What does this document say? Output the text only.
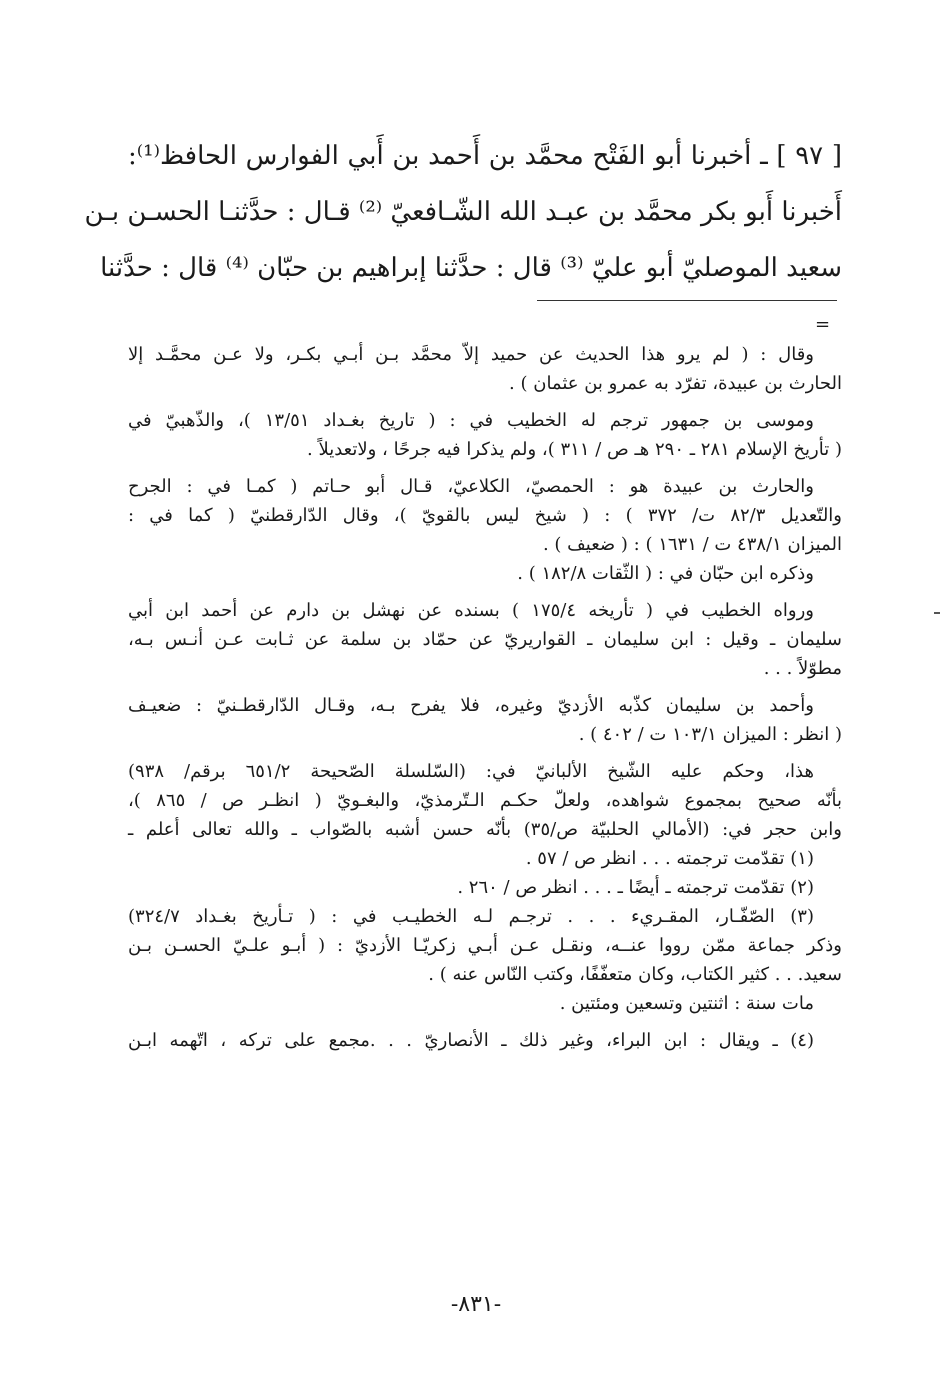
[ ٩٧ ] ـ أخبرنا أبو الفَتْح محمَّد بن أَحمد بن أَبي الفوارس الحافظ⁽¹⁾:
أَخبرنا أَبو بكر محمَّد بن عبـد الله الشّـافعيّ ⁽²⁾ قـال : حدَّثنـا الحسـن بـن
سعيد الموصليّ أبو عليّ ⁽³⁾ قال : حدَّثنا إبراهيم بن حبّان ⁽⁴⁾ قال : حدَّثنا
=
وقال : ( لم يرو هذا الحديث عن حميد إلاّ محمَّد بـن أبـي بكـر، ولا عـن محمَّـد إلا
الحارث بن عبيدة، تفرّد به عمرو بن عثمان ) .
وموسى بن جمهور ترجم له الخطيب في : ( تاريخ بغـداد ١٣/٥١ )، والذّهبيّ في
( تأريخ الإسلام ٢٨١ ـ ٢٩٠ هـ ص / ٣١١ )، ولم يذكرا فيه جرحًا ، ولاتعديلاً .
والحارث بن عبيدة هو : الحمصيّ، الكلاعيّ، قـال أبو حـاتم ( كمـا في : الجرح
والتّعديل ٨٢/٣ ت/ ٣٧٢ ) : ( شيخ ليس بالقويّ )، وقال الدّارقطنيّ ( كما في :
الميزان ٤٣٨/١ ت / ١٦٣١ ) : ( ضعيف ) .
وذكره ابن حبّان في : ( الثّقات ١٨٢/٨ ) .
ورواه الخطيب في ( تأريخه ١٧٥/٤ ) بسنده عن نهشل بن دارم عن أحمد ابن أبي
سليمان ـ وقيل : ابن سليمان ـ القواريريّ عن حمّاد بن سلمة عن ثـابت عـن أنـس بـه،
مطوّلاً . . .
وأحمد بن سليمان كذّبه الأزديّ وغيره، فلا يفرح بـه، وقـال الدّارقطـنيّ : ضعيـف
( انظر : الميزان ١٠٣/١ ت / ٤٠٢ ) .
هذا، وحكم عليه الشّيخ الألبانيّ في: (السّلسلة الصّحيحة ٦٥١/٢ برقم/ ٩٣٨)
بأنّه صحيح بمجموع شواهده، ولعلّ حكـم الـتّرمذيّ، والبغـويّ ( انظـر ص / ٨٦٥ )،
وابن حجر في: (الأمالي الحلبيّة ص/٣٥) بأنّه حسن أشبه بالصّواب ـ والله تعالى أعلم ـ
(١) تقدّمت ترجمته . . . انظر ص / ٥٧ .
(٢) تقدّمت ترجمته ـ أيضًا ـ . . . انظر ص / ٢٦٠ .
(٣) الصّفّـار، المقـريء . . . ترجـم لـه الخطيـب في : ( تـأريخ بغـداد ٣٢٤/٧)
وذكر جماعة ممّن رووا عنــه، ونقـل عـن أبـي زكريّـا الأزديّ : ( أبـو علـيّ الحسـن بـن
سعيد. . . كثير الكتاب، وكان متعفّفًا، وكتب النّاس عنه ) .
مات سنة : اثنتين وتسعين ومئتين .
(٤) ـ ويقال : ابن البراء، وغير ذلك ـ الأنصاريّ . . .مجمع على تركه ، اتّهمه ابـن
-٨٣١-
